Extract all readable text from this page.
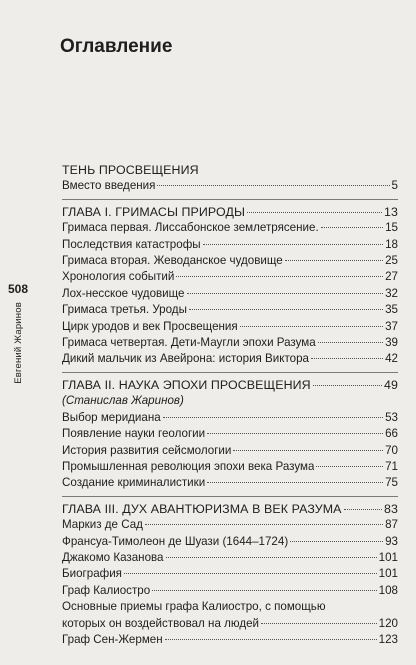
508
Евгений Жаринов
Оглавление
ТЕНЬ ПРОСВЕЩЕНИЯ
Вместо введения	5
ГЛАВА I. ГРИМАСЫ ПРИРОДЫ	13
Гримаса первая. Лиссабонское землетрясение.	15
Последствия катастрофы	18
Гримаса вторая. Жеводанское чудовище	25
Хронология событий	27
Лох-несское чудовище	32
Гримаса третья. Уроды	35
Цирк уродов и век Просвещения	37
Гримаса четвертая. Дети-Маугли эпохи Разума	39
Дикий мальчик из Авейрона: история Виктора	42
ГЛАВА II. НАУКА ЭПОХИ ПРОСВЕЩЕНИЯ	49
(Станислав Жаринов)
Выбор меридиана	53
Появление науки геологии	66
История развития сейсмологии	70
Промышленная революция эпохи века Разума	71
Создание криминалистики	75
ГЛАВА III. ДУХ АВАНТЮРИЗМА В ВЕК РАЗУМА	83
Маркиз де Сад	87
Франсуа-Тимолеон де Шуази (1644–1724)	93
Джакомо Казанова	101
Биография	101
Граф Калиостро	108
Основные приемы графа Калиостро, с помощью
которых он воздействовал на людей	120
Граф Сен-Жермен	123
